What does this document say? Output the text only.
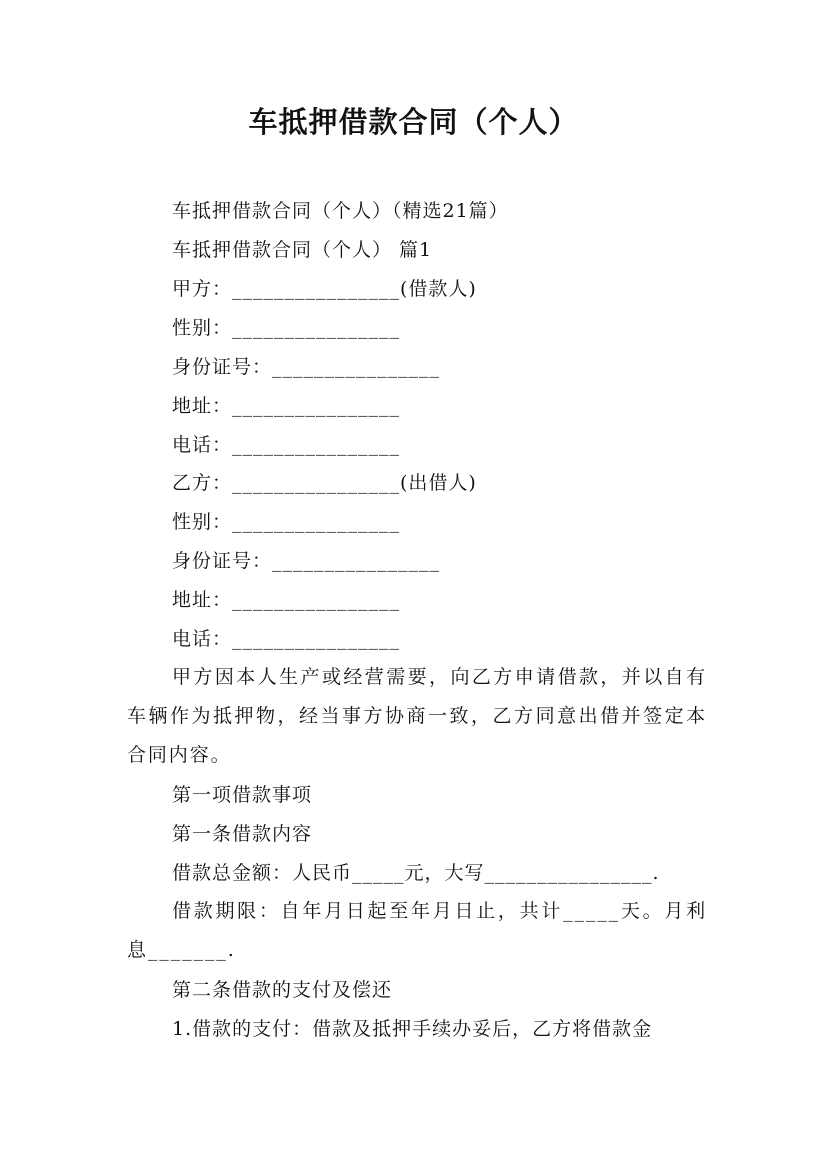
车抵押借款合同（个人）
车抵押借款合同（个人）（精选21篇）
车抵押借款合同（个人） 篇1
甲方：________________(借款人)
性别：________________
身份证号：________________
地址：________________
电话：________________
乙方：________________(出借人)
性别：________________
身份证号：________________
地址：________________
电话：________________
甲方因本人生产或经营需要，向乙方申请借款，并以自有车辆作为抵押物，经当事方协商一致，乙方同意出借并签定本合同内容。
第一项借款事项
第一条借款内容
借款总金额：人民币_____元，大写________________.
借款期限：自年月日起至年月日止，共计_____天。月利息_______.
第二条借款的支付及偿还
1.借款的支付：借款及抵押手续办妥后，乙方将借款金
